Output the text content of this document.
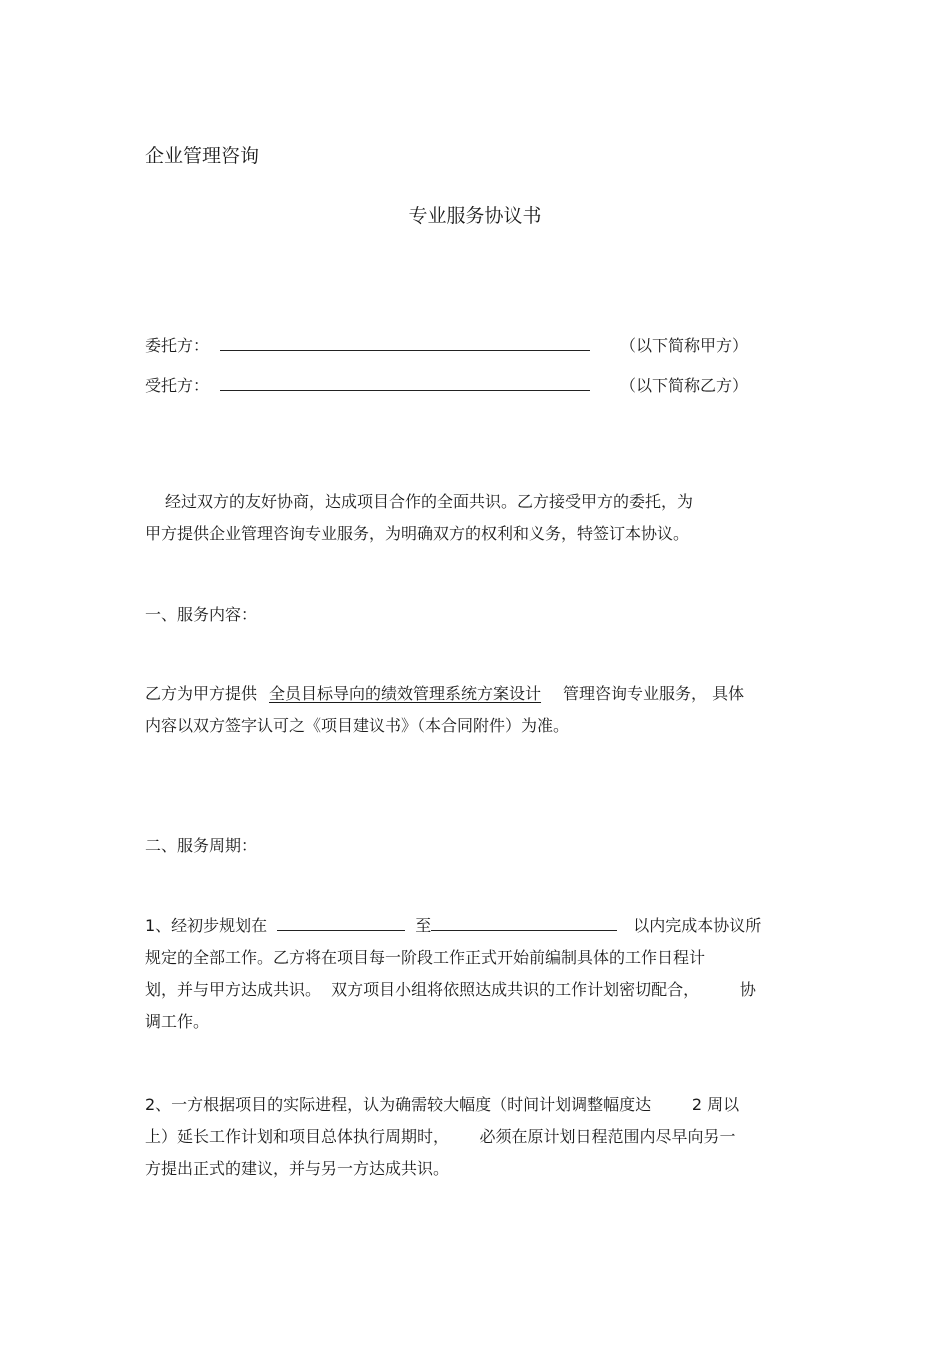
企业管理咨询
专业服务协议书
委托方：	（以下简称甲方）
受托方：	（以下简称乙方）
经过双方的友好协商，达成项目合作的全面共识。乙方接受甲方的委托，为
甲方提供企业管理咨询专业服务，为明确双方的权利和义务，特签订本协议。
一、服务内容：
乙方为甲方提供 全员目标导向的绩效管理系统方案设计 管理咨询专业服务， 具体
内容以双方签字认可之《项目建议书》（本合同附件）为准。
二、服务周期：
1、经初步规划在	至	以内完成本协议所
规定的全部工作。乙方将在项目每一阶段工作正式开始前编制具体的工作日程计
划，并与甲方达成共识。  双方项目小组将依照达成共识的工作计划密切配合，        协
调工作。
2、一方根据项目的实际进程，认为确需较大幅度（时间计划调整幅度达        2 周以
上）延长工作计划和项目总体执行周期时，      必须在原计划日程范围内尽早向另一
方提出正式的建议，并与另一方达成共识。
